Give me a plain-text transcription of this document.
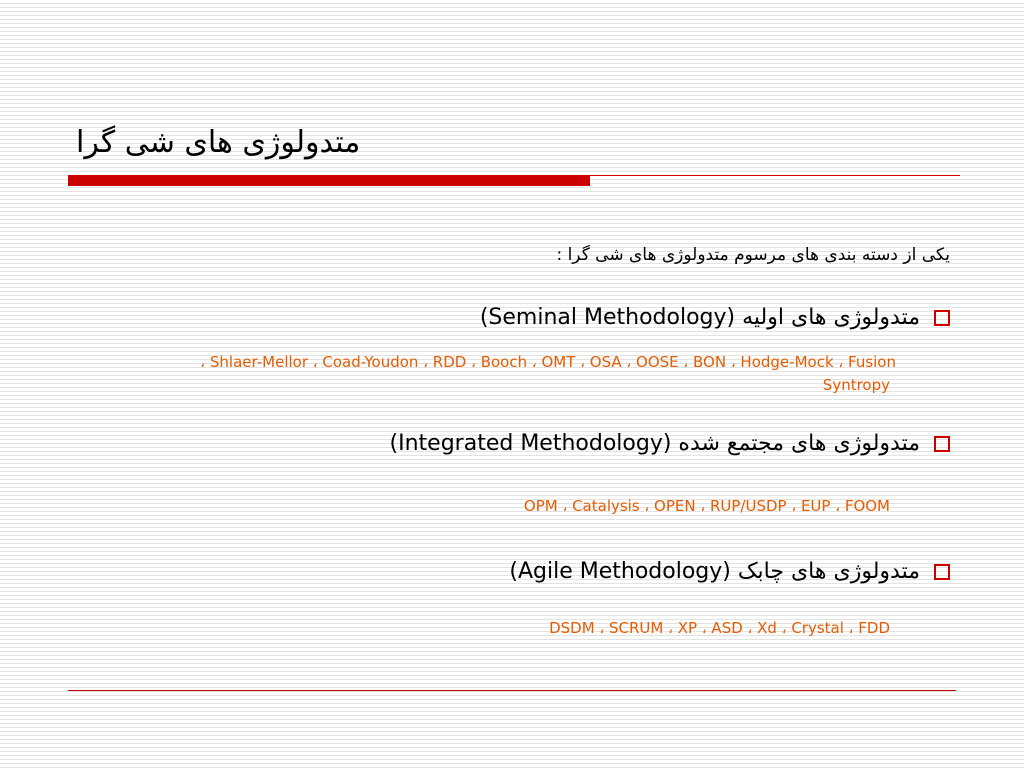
متدولوژی های شی گرا
یکی از دسته بندی های مرسوم متدولوژی های شی گرا :
متدولوژی های اولیه (Seminal Methodology)
Shlaer-Mellor ، Coad-Youdon ، RDD ، Booch ، OMT ، OSA ، OOSE ، BON ، Hodge-Mock ، Fusion ،
Syntropy
متدولوژی های مجتمع شده (Integrated Methodology)
OPM ، Catalysis ، OPEN ، RUP/USDP ، EUP ، FOOM
متدولوژی های چابک (Agile Methodology)
DSDM ، SCRUM ، XP ، ASD ، Xd ، Crystal ، FDD
